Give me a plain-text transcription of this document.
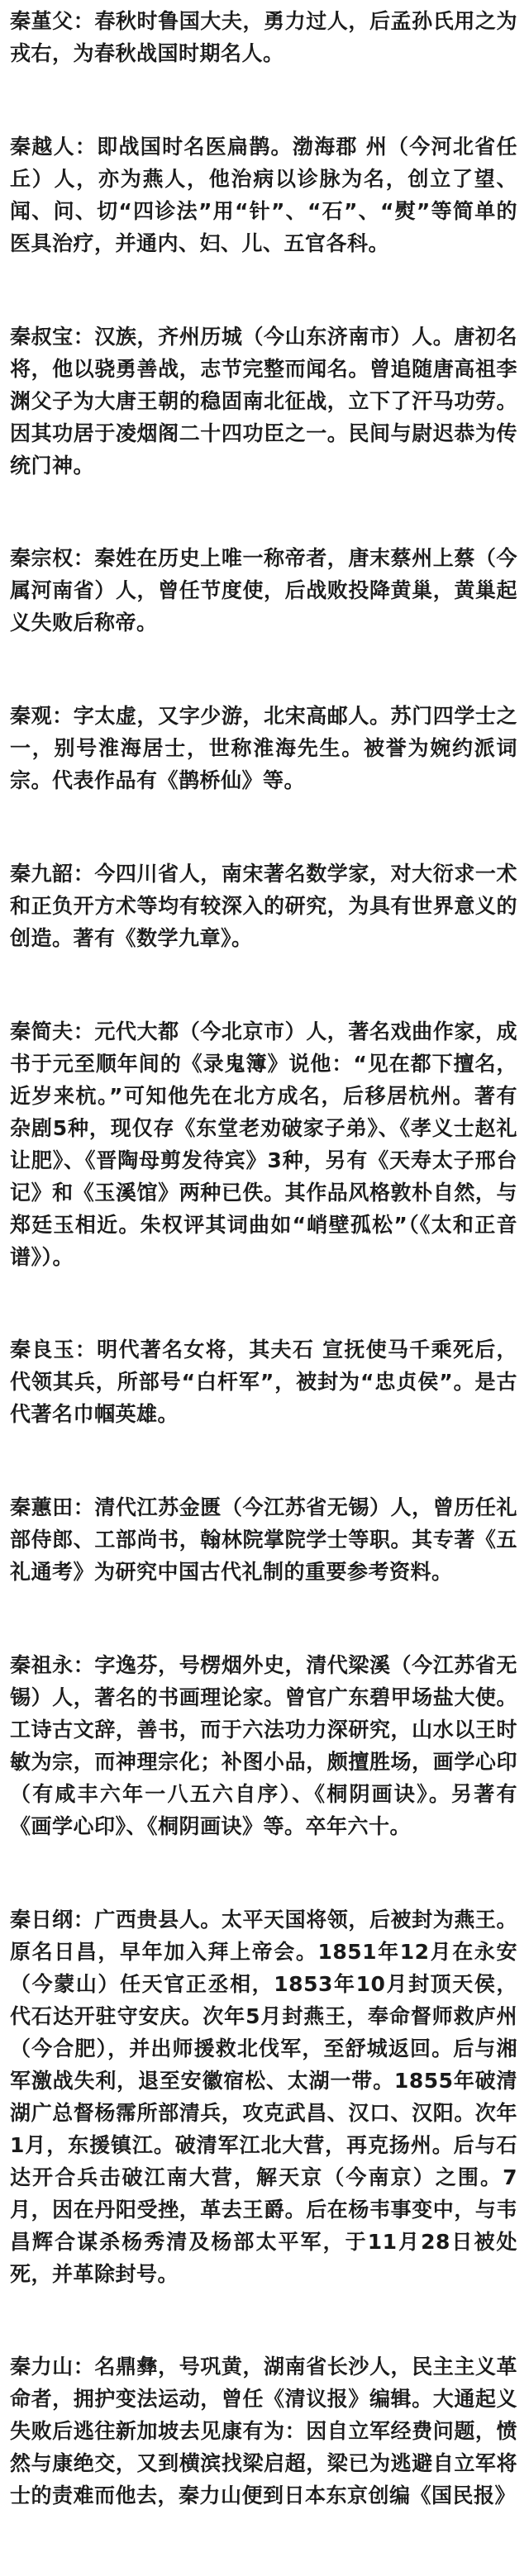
秦堇父：春秋时鲁国大夫，勇力过人，后孟孙氏用之为戎右，为春秋战国时期名人。

秦越人：即战国时名医扁鹊。渤海郡 州（今河北省任丘）人，亦为燕人，他治病以诊脉为名，创立了望、闻、问、切“四诊法”用“针”、“石”、“熨”等简单的医具治疗，并通内、妇、儿、五官各科。

秦叔宝：汉族，齐州历城（今山东济南市）人。唐初名将，他以骁勇善战，志节完整而闻名。曾追随唐高祖李渊父子为大唐王朝的稳固南北征战，立下了汗马功劳。因其功居于凌烟阁二十四功臣之一。民间与尉迟恭为传统门神。

秦宗权：秦姓在历史上唯一称帝者，唐末蔡州上蔡（今属河南省）人，曾任节度使，后战败投降黄巢，黄巢起义失败后称帝。

秦观：字太虚，又字少游，北宋高邮人。苏门四学士之一，别号淮海居士，世称淮海先生。被誉为婉约派词宗。代表作品有《鹊桥仙》等。

秦九韶：今四川省人，南宋著名数学家，对大衍求一术和正负开方术等均有较深入的研究，为具有世界意义的创造。著有《数学九章》。

秦简夫：元代大都（今北京市）人，著名戏曲作家，成书于元至顺年间的《录鬼簿》说他：“见在都下擅名，近岁来杭。”可知他先在北方成名，后移居杭州。著有杂剧5种，现仅存《东堂老劝破家子弟》、《孝义士赵礼让肥》、《晋陶母剪发待宾》3种，另有《天寿太子邢台记》和《玉溪馆》两种已佚。其作品风格敦朴自然，与郑廷玉相近。朱权评其词曲如“峭壁孤松”（《太和正音谱》）。

秦良玉：明代著名女将，其夫石 宣抚使马千乘死后，代领其兵，所部号“白杆军”，被封为“忠贞侯”。是古代著名巾帼英雄。

秦蕙田：清代江苏金匮（今江苏省无锡）人，曾历任礼部侍郎、工部尚书，翰林院掌院学士等职。其专著《五礼通考》为研究中国古代礼制的重要参考资料。

秦祖永：字逸芬，号楞烟外史，清代梁溪（今江苏省无锡）人，著名的书画理论家。曾官广东碧甲场盐大使。工诗古文辞，善书，而于六法功力深研究，山水以王时敏为宗，而神理宗化；补图小品，颇擅胜场，画学心印（有咸丰六年一八五六自序）、《桐阴画诀》。另著有《画学心印》、《桐阴画诀》等。卒年六十。

秦日纲：广西贵县人。太平天国将领，后被封为燕王。原名日昌，早年加入拜上帝会。1851年12月在永安（今蒙山）任天官正丞相，1853年10月封顶天侯，代石达开驻守安庆。次年5月封燕王，奉命督师救庐州（今合肥），并出师援救北伐军，至舒城返回。后与湘军激战失利，退至安徽宿松、太湖一带。1855年破清湖广总督杨霈所部清兵，攻克武昌、汉口、汉阳。次年1月，东援镇江。破清军江北大营，再克扬州。后与石达开合兵击破江南大营，解天京（今南京）之围。7月，因在丹阳受挫，革去王爵。后在杨韦事变中，与韦昌辉合谋杀杨秀清及杨部太平军，于11月28日被处死，并革除封号。

秦力山：名鼎彝，号巩黄，湖南省长沙人，民主主义革命者，拥护变法运动，曾任《清议报》编辑。大通起义失败后逃往新加坡去见康有为：因自立军经费问题，愤然与康绝交，又到横滨找梁启超，梁已为逃避自立军将士的责难而他去，秦力山便到日本东京创编《国民报》
